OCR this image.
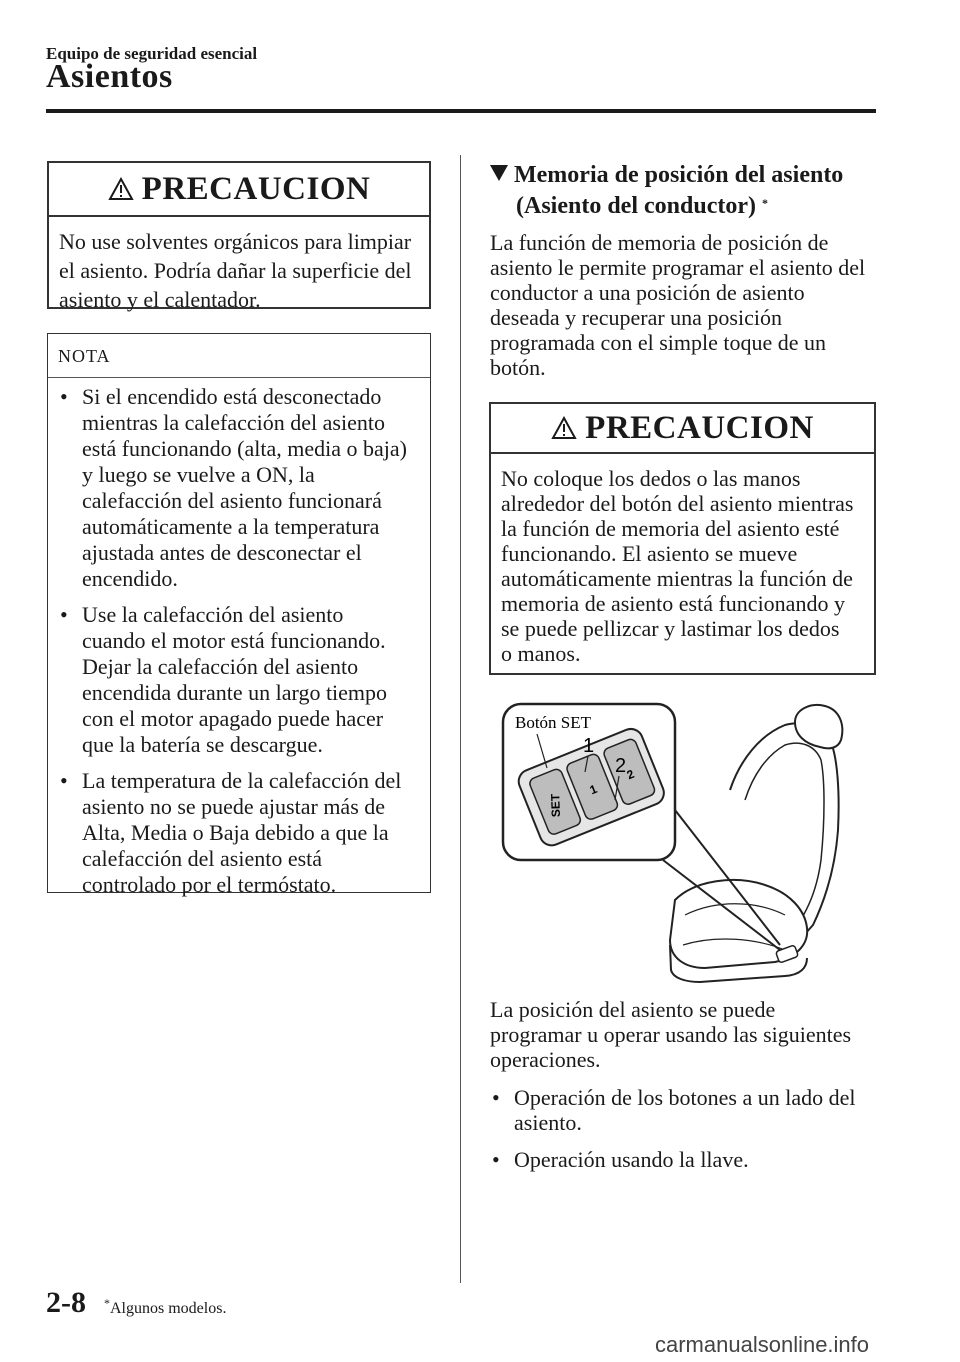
Equipo de seguridad esencial
Asientos
PRECAUCION
No use solventes orgánicos para limpiar
el asiento. Podría dañar la superficie del
asiento y el calentador.
NOTA
• Si el encendido está desconectado
mientras la calefacción del asiento
está funcionando (alta, media o baja)
y luego se vuelve a ON, la
calefacción del asiento funcionará
automáticamente a la temperatura
ajustada antes de desconectar el
encendido.
• Use la calefacción del asiento
cuando el motor está funcionando.
Dejar la calefacción del asiento
encendida durante un largo tiempo
con el motor apagado puede hacer
que la batería se descargue.
• La temperatura de la calefacción del
asiento no se puede ajustar más de
Alta, Media o Baja debido a que la
calefacción del asiento está
controlado por el termóstato.
Memoria de posición del asiento
(Asiento del conductor) *
La función de memoria de posición de
asiento le permite programar el asiento del
conductor a una posición de asiento
deseada y recuperar una posición
programada con el simple toque de un
botón.
PRECAUCION
No coloque los dedos o las manos
alrededor del botón del asiento mientras
la función de memoria del asiento esté
funcionando. El asiento se mueve
automáticamente mientras la función de
memoria de asiento está funcionando y
se puede pellizcar y lastimar los dedos
o manos.
SET
1
2
Botón SET
1
2
La posición del asiento se puede
programar u operar usando las siguientes
operaciones.
• Operación de los botones a un lado del
asiento.
• Operación usando la llave.
2-8 *Algunos modelos.
carmanualsonline.info
